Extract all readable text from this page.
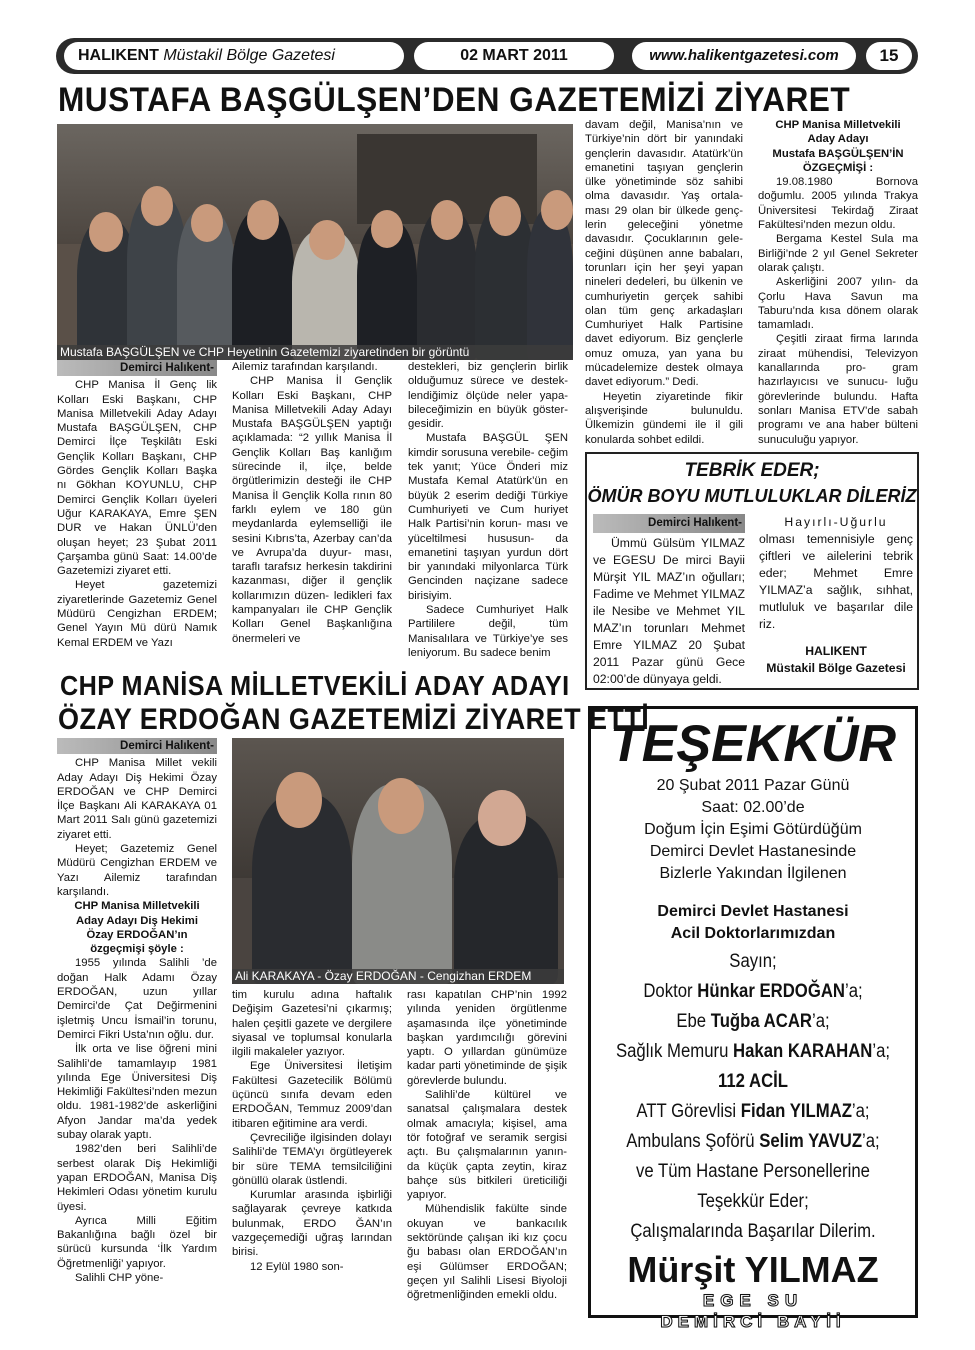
HALIKENT Müstakil Bölge Gazetesi	02 MART 2011	www.halikentgazetesi.com	15
MUSTAFA BAŞGÜLŞEN’DEN GAZETEMİZİ ZİYARET
Mustafa BAŞGÜLŞEN ve CHP Heyetinin Gazetemizi ziyaretinden bir görüntü
Demirci Halıkent-

CHP Manisa İl Genç lik Kolları Eski Başkanı, CHP Manisa Milletvekili Aday Adayı Mustafa BAŞGÜLŞEN, CHP Demirci İlçe Teşkilâtı Eski Gençlik Kolları Başkanı, CHP Gördes Gençlik Kolları Başka nı Gökhan KOYUNLU, CHP Demirci Gençlik Kolları üyeleri Uğur KARAKAYA, Emre ŞEN DUR ve Hakan ÜNLÜ’den oluşan heyet; 23 Şubat 2011 Çarşamba günü Saat: 14.00’de Gazetemizi ziyaret etti.

Heyet gazetemizi ziyaretlerinde Gazetemiz Genel Müdürü Cengizhan ERDEM; Genel Yayın Mü dürü Namık Kemal ERDEM ve Yazı

Ailemiz tarafından karşılandı.

CHP Manisa İl Gençlik Kolları Eski Başkanı, CHP Manisa Milletvekili Aday Adayı Mustafa BAŞGÜLŞEN yaptığı açıklamada: “2 yıllık Manisa İl Gençlik Kolları Baş kanlığım sürecinde il, ilçe, belde örgütlerimizin desteği ile CHP Manisa İl Gençlik Kolla rının 80 farklı eylem ve 180 gün meydanlarda eylemselliği ile sesini Kıbrıs’ta, Azerbay can’da ve Avrupa’da duyur- ması, taraflı tarafsız herkesin takdirini kazanması, diğer il gençlik kollarımızın düzen- ledikleri fax kampanyaları ile CHP Gençlik Kolları Genel Başkanlığına önermeleri ve

destekleri, biz gençlerin birlik olduğumuz sürece ve destek- lendiğimiz ölçüde neler yapa- bileceğimizin en büyük göster- gesidir.

Mustafa BAŞGÜL ŞEN kimdir sorusuna verebile- ceğim tek yanıt; Yüce Önderi miz Mustafa Kemal Atatürk’ün en büyük 2 eserim dediği Türkiye Cumhuriyeti ve Cum huriyet Halk Partisi’nin korun- ması ve yüceltilmesi hususun- da emanetini taşıyan yurdun dört bir yanındaki milyonlarca Türk Gencinden naçizane sadece birisiyim.

Sadece Cumhuriyet Halk Partililere değil, tüm Manisalılara ve Türkiye’ye ses leniyorum. Bu sadece benim

davam değil, Manisa’nın ve Türkiye’nin dört bir yanındaki gençlerin davasıdır. Atatürk’ün emanetini taşıyan gençlerin ülke yönetiminde söz sahibi olma davasıdır. Yaş ortala- ması 29 olan bir ülkede genç- lerin geleceğini yönetme davasıdır. Çocuklarının gele- ceğini düşünen anne babaları, torunları için her şeyi yapan nineleri dedeleri, bu ülkenin ve cumhuriyetin gerçek sahibi olan tüm genç arkadaşları Cumhuriyet Halk Partisine davet ediyorum. Biz gençlerle omuz omuza, yan yana bu mücadelemize destek olmaya davet ediyorum.” Dedi.

Heyetin ziyaretinde fikir alışverişinde bulunuldu. Ülkemizin gündemi ile il gili konularda sohbet edildi.

CHP Manisa Milletvekili

Aday Adayı

Mustafa BAŞGÜLŞEN’İN

ÖZGEÇMİŞİ :

19.08.1980 Bornova doğumlu. 2005 yılında Trakya Üniversitesi Tekirdağ Ziraat Fakültesi’nden mezun oldu.

Bergama Kestel Sula ma Birliği’nde 2 yıl Genel Sekreter olarak çalıştı.

Askerliğini 2007 yılın- da Çorlu Hava Savun ma Taburu’nda kısa dönem olarak tamamladı.

Çeşitli ziraat firma larında ziraat mühendisi, Televizyon kanallarında pro- gram hazırlayıcısı ve sunucu- luğu görevlerinde bulundu. Hafta sonları Manisa ETV’de sabah programı ve ana haber bülteni sunuculuğu yapıyor.

TEBRİK EDER;
ÖMÜR BOYU MUTLULUKLAR DİLERİZ
Demirci Halıkent-

Ümmü Gülsüm YILMAZ ve EGESU De mirci Bayii Mürşit YIL MAZ’ın oğulları; Fadime ve Mehmet YILMAZ ile Nesibe ve Mehmet YIL MAZ’ın torunları Mehmet Emre YILMAZ 20 Şubat 2011 Pazar günü Gece 02:00’de dünyaya geldi.

Hayırlı-Uğurlu

olması temennisiyle genç çiftleri ve ailelerini tebrik eder; Mehmet Emre YILMAZ’a sağlık, sıhhat, mutluluk ve başarılar dile riz.

HALIKENT

Müstakil Bölge Gazetesi

CHP MANİSA MİLLETVEKİLİ ADAY ADAYI
ÖZAY ERDOĞAN GAZETEMİZİ ZİYARET ETTİ
Demirci Halıkent-

CHP Manisa Millet vekili Aday Adayı Diş Hekimi Özay ERDOĞAN ve CHP Demirci İlçe Başkanı Ali KARAKAYA 01 Mart 2011 Salı günü gazetemizi ziyaret etti.

Heyet; Gazetemiz Genel Müdürü Cengizhan ERDEM ve Yazı Ailemiz tarafından karşılandı.

CHP Manisa Milletvekili

Aday Adayı Diş Hekimi

Özay ERDOĞAN’ın

özgeçmişi şöyle :

1955 yılında Salihli ’de doğan Halk Adamı Özay ERDOĞAN, uzun yıllar Demirci’de Çat Değirmenini işletmiş Uncu İsmail’in torunu, Demirci Fikri Usta’nın oğlu. dur.

İlk orta ve lise öğreni mini Salihli’de tamamlayıp 1981 yılında Ege Üniversitesi Diş Hekimliği Fakültesi’nden mezun oldu. 1981-1982’de askerliğini Afyon Jandar ma’da yedek subay olarak yaptı.

1982’den beri Salihli’de serbest olarak Diş Hekimliği yapan ERDOĞAN, Manisa Diş Hekimleri Odası yönetim kurulu üyesi.

Ayrıca Milli Eğitim Bakanlığına bağlı özel bir sürücü kursunda ‘İlk Yardım Öğretmenliği’ yapıyor.

Salihli CHP yöne-

Ali KARAKAYA - Özay ERDOĞAN - Cengizhan ERDEM

tim kurulu adına haftalık Değişim Gazetesi’ni çıkarmış; halen çeşitli gazete ve dergilere siyasal ve toplumsal konularla ilgili makaleler yazıyor.

Ege Üniversitesi İletişim Fakültesi Gazetecilik Bölümü üçüncü sınıfa devam eden ERDOĞAN, Temmuz 2009’dan itibaren eğitimine ara verdi.

Çevreciliğe ilgisinden dolayı Salihli’de TEMA’yı örgütleyerek bir süre TEMA temsilciliğini gönüllü olarak üstlendi.

Kurumlar arasında işbirliği sağlayarak çevreye katkıda bulunmak, ERDO ĞAN’ın vazgeçemediği uğraş larından birisi.

12 Eylül 1980 son-

rası kapatılan CHP’nin 1992 yılında yeniden örgütlenme aşamasında ilçe yönetiminde başkan yardımcılığı görevini yaptı. O yıllardan günümüze kadar parti yönetiminde de şişik görevlerde bulundu.

Salihli’de kültürel ve sanatsal çalışmalara destek olmak amacıyla; kişisel, ama tör fotoğraf ve seramik sergisi açtı. Bu çalışmalarının yanın- da küçük çapta zeytin, kiraz bahçe süs bitkileri üreticiliği yapıyor.

Mühendislik fakülte sinde okuyan ve bankacılık sektöründe çalışan iki kız çocu ğu babası olan ERDOĞAN’ın eşi Gülümser ERDOĞAN; geçen yıl Salihli Lisesi Biyoloji öğretmenliğinden emekli oldu.

TEŞEKKÜR
20 Şubat 2011 Pazar Günü
Saat: 02.00’de
Doğum İçin Eşimi Götürdüğüm
Demirci Devlet Hastanesinde
Bizlerle Yakından İlgilenen
Demirci Devlet Hastanesi
Acil Doktorlarımızdan
Sayın;
Doktor Hünkar ERDOĞAN’a;
Ebe Tuğba ACAR’a;
Sağlık Memuru Hakan KARAHAN’a;
112 ACİL
ATT Görevlisi Fidan YILMAZ’a;
Ambulans Şoförü Selim YAVUZ’a;
ve Tüm Hastane Personellerine
Teşekkür Eder;
Çalışmalarında Başarılar Dilerim.
Mürşit YILMAZ
EGE SU
DEMİRCİ BAYİİ
